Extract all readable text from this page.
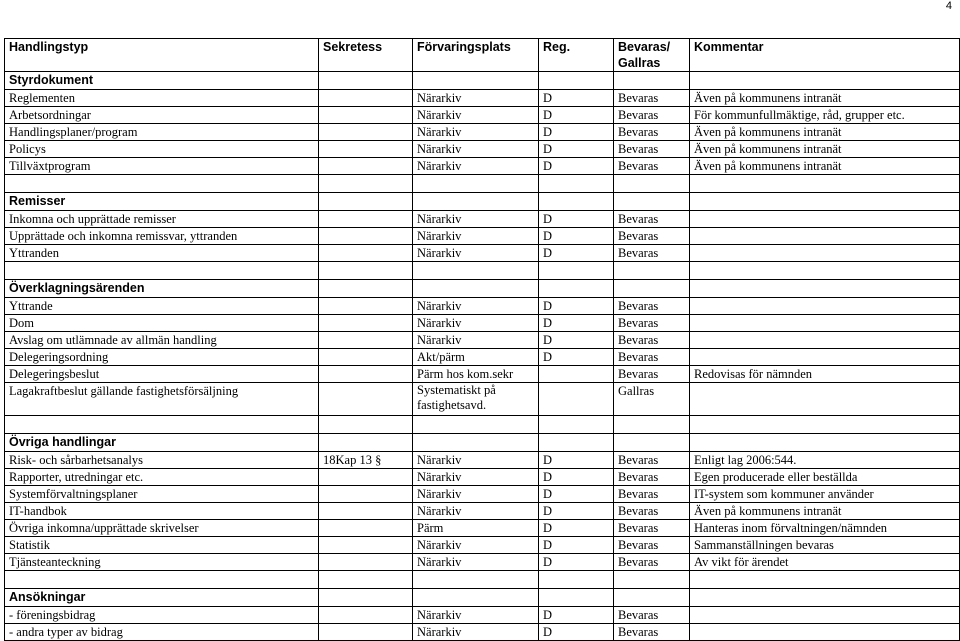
4
Handlingstyp	Sekretess	Förvaringsplats	Reg.	Bevaras/ Gallras	Kommentar
Styrdokument					
Reglementen		Närarkiv	D	Bevaras	Även på kommunens intranät
Arbetsordningar		Närarkiv	D	Bevaras	För kommunfullmäktige, råd, grupper etc.
Handlingsplaner/program		Närarkiv	D	Bevaras	Även på kommunens intranät
Policys		Närarkiv	D	Bevaras	Även på kommunens intranät
Tillväxtprogram		Närarkiv	D	Bevaras	Även på kommunens intranät

Remisser					
Inkomna och upprättade remisser		Närarkiv	D	Bevaras	
Upprättade och inkomna remissvar, yttranden		Närarkiv	D	Bevaras	
Yttranden		Närarkiv	D	Bevaras	

Överklagningsärenden					
Yttrande		Närarkiv	D	Bevaras	
Dom		Närarkiv	D	Bevaras	
Avslag om utlämnade av allmän handling		Närarkiv	D	Bevaras	
Delegeringsordning		Akt/pärm	D	Bevaras	
Delegeringsbeslut		Pärm hos kom.sekr		Bevaras	Redovisas för nämnden
Lagakraftbeslut gällande fastighetsförsäljning		Systematiskt på fastighetsavd.		Gallras	

Övriga handlingar					
Risk- och sårbarhetsanalys	18Kap 13 §	Närarkiv	D	Bevaras	Enligt lag 2006:544.
Rapporter, utredningar etc.		Närarkiv	D	Bevaras	Egen producerade eller beställda
Systemförvaltningsplaner		Närarkiv	D	Bevaras	IT-system som kommuner använder
IT-handbok		Närarkiv	D	Bevaras	Även på kommunens intranät
Övriga inkomna/upprättade skrivelser		Pärm	D	Bevaras	Hanteras inom förvaltningen/nämnden
Statistik		Närarkiv	D	Bevaras	Sammanställningen bevaras
Tjänsteanteckning		Närarkiv	D	Bevaras	Av vikt för ärendet

Ansökningar					
- föreningsbidrag		Närarkiv	D	Bevaras	
- andra typer av bidrag		Närarkiv	D	Bevaras	
